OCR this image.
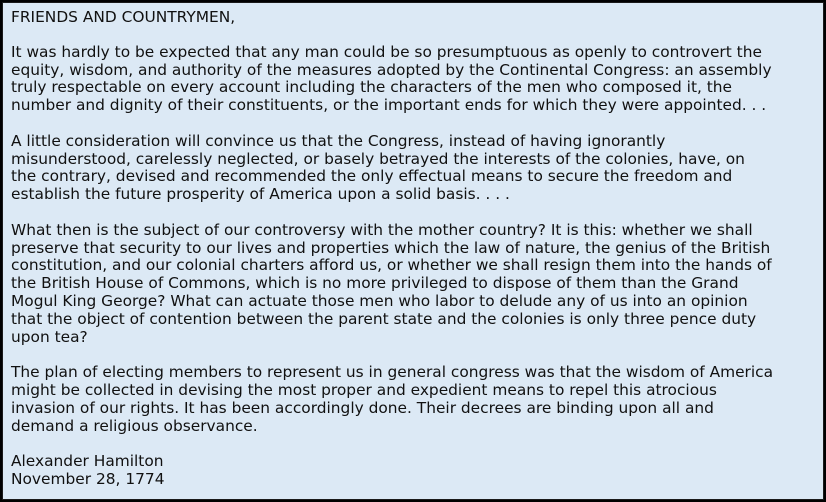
FRIENDS AND COUNTRYMEN,
It was hardly to be expected that any man could be so presumptuous as openly to controvert the
equity, wisdom, and authority of the measures adopted by the Continental Congress: an assembly
truly respectable on every account including the characters of the men who composed it, the
number and dignity of their constituents, or the important ends for which they were appointed. . .
A little consideration will convince us that the Congress, instead of having ignorantly
misunderstood, carelessly neglected, or basely betrayed the interests of the colonies, have, on
the contrary, devised and recommended the only effectual means to secure the freedom and
establish the future prosperity of America upon a solid basis. . . .
What then is the subject of our controversy with the mother country? It is this: whether we shall
preserve that security to our lives and properties which the law of nature, the genius of the British
constitution, and our colonial charters afford us, or whether we shall resign them into the hands of
the British House of Commons, which is no more privileged to dispose of them than the Grand
Mogul King George? What can actuate those men who labor to delude any of us into an opinion
that the object of contention between the parent state and the colonies is only three pence duty
upon tea?
The plan of electing members to represent us in general congress was that the wisdom of America
might be collected in devising the most proper and expedient means to repel this atrocious
invasion of our rights. It has been accordingly done. Their decrees are binding upon all and
demand a religious observance.
Alexander Hamilton
November 28, 1774
